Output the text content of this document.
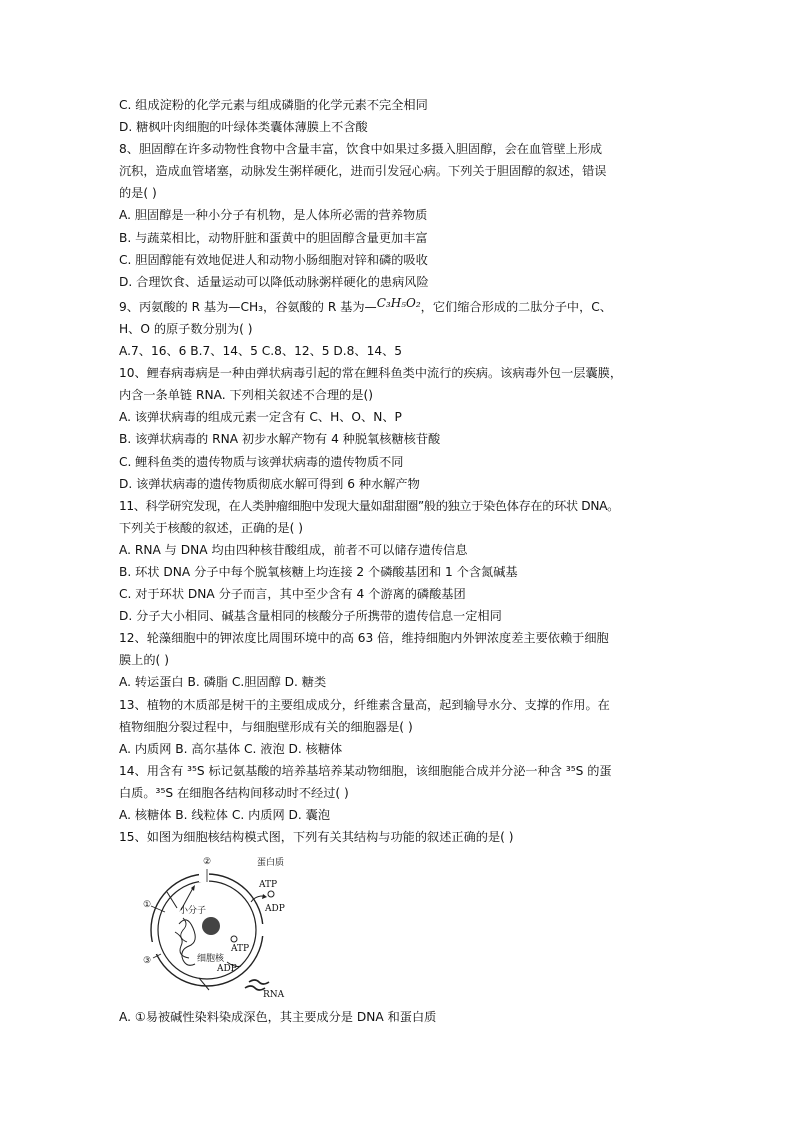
C. 组成淀粉的化学元素与组成磷脂的化学元素不完全相同
D. 糖枫叶肉细胞的叶绿体类囊体薄膜上不含酸
8、胆固醇在许多动物性食物中含量丰富，饮食中如果过多摄入胆固醇，会在血管壁上形成
沉积，造成血管堵塞，动脉发生粥样硬化，进而引发冠心病。下列关于胆固醇的叙述，错误
的是( )
A. 胆固醇是一种小分子有机物，是人体所必需的营养物质
B. 与蔬菜相比，动物肝脏和蛋黄中的胆固醇含量更加丰富
C. 胆固醇能有效地促进人和动物小肠细胞对锌和磷的吸收
D. 合理饮食、适量运动可以降低动脉粥样硬化的患病风险
9、丙氨酸的 R 基为—CH₃，谷氨酸的 R 基为—C₃H₅O₂，它们缩合形成的二肽分子中，C、
H、O 的原子数分别为( )
A.7、16、6 B.7、14、5 C.8、12、5 D.8、14、5
10、鲤春病毒病是一种由弹状病毒引起的常在鲤科鱼类中流行的疾病。该病毒外包一层囊膜，
内含一条单链 RNA. 下列相关叙述不合理的是()
A. 该弹状病毒的组成元素一定含有 C、H、O、N、P
B. 该弹状病毒的 RNA 初步水解产物有 4 种脱氧核糖核苷酸
C. 鲤科鱼类的遗传物质与该弹状病毒的遗传物质不同
D. 该弹状病毒的遗传物质彻底水解可得到 6 种水解产物
11、科学研究发现，在人类肿瘤细胞中发现大量如甜甜圈”般的独立于染色体存在的环状 DNA。
下列关于核酸的叙述，正确的是( )
A. RNA 与 DNA 均由四种核苷酸组成，前者不可以储存遗传信息
B. 环状 DNA 分子中每个脱氧核糖上均连接 2 个磷酸基团和 1 个含氮碱基
C. 对于环状 DNA 分子而言，其中至少含有 4 个游离的磷酸基团
D. 分子大小相同、碱基含量相同的核酸分子所携带的遗传信息一定相同
12、轮藻细胞中的钾浓度比周围环境中的高 63 倍，维持细胞内外钾浓度差主要依赖于细胞
膜上的( )
A. 转运蛋白 B. 磷脂 C.胆固醇 D. 糖类
13、植物的木质部是树干的主要组成成分，纤维素含量高，起到输导水分、支撑的作用。在
植物细胞分裂过程中，与细胞壁形成有关的细胞器是( )
A. 内质网 B. 高尔基体 C. 液泡 D. 核糖体
14、用含有 ³⁵S 标记氨基酸的培养基培养某动物细胞，该细胞能合成并分泌一种含 ³⁵S 的蛋
白质。³⁵S 在细胞各结构间移动时不经过( )
A. 核糖体 B. 线粒体 C. 内质网 D. 囊泡
15、如图为细胞核结构模式图，下列有关其结构与功能的叙述正确的是( )
①
②
③
蛋白质
ATP
ADP
小分子
细胞核
ATP
ADP
RNA
A. ①易被碱性染料染成深色，其主要成分是 DNA 和蛋白质
